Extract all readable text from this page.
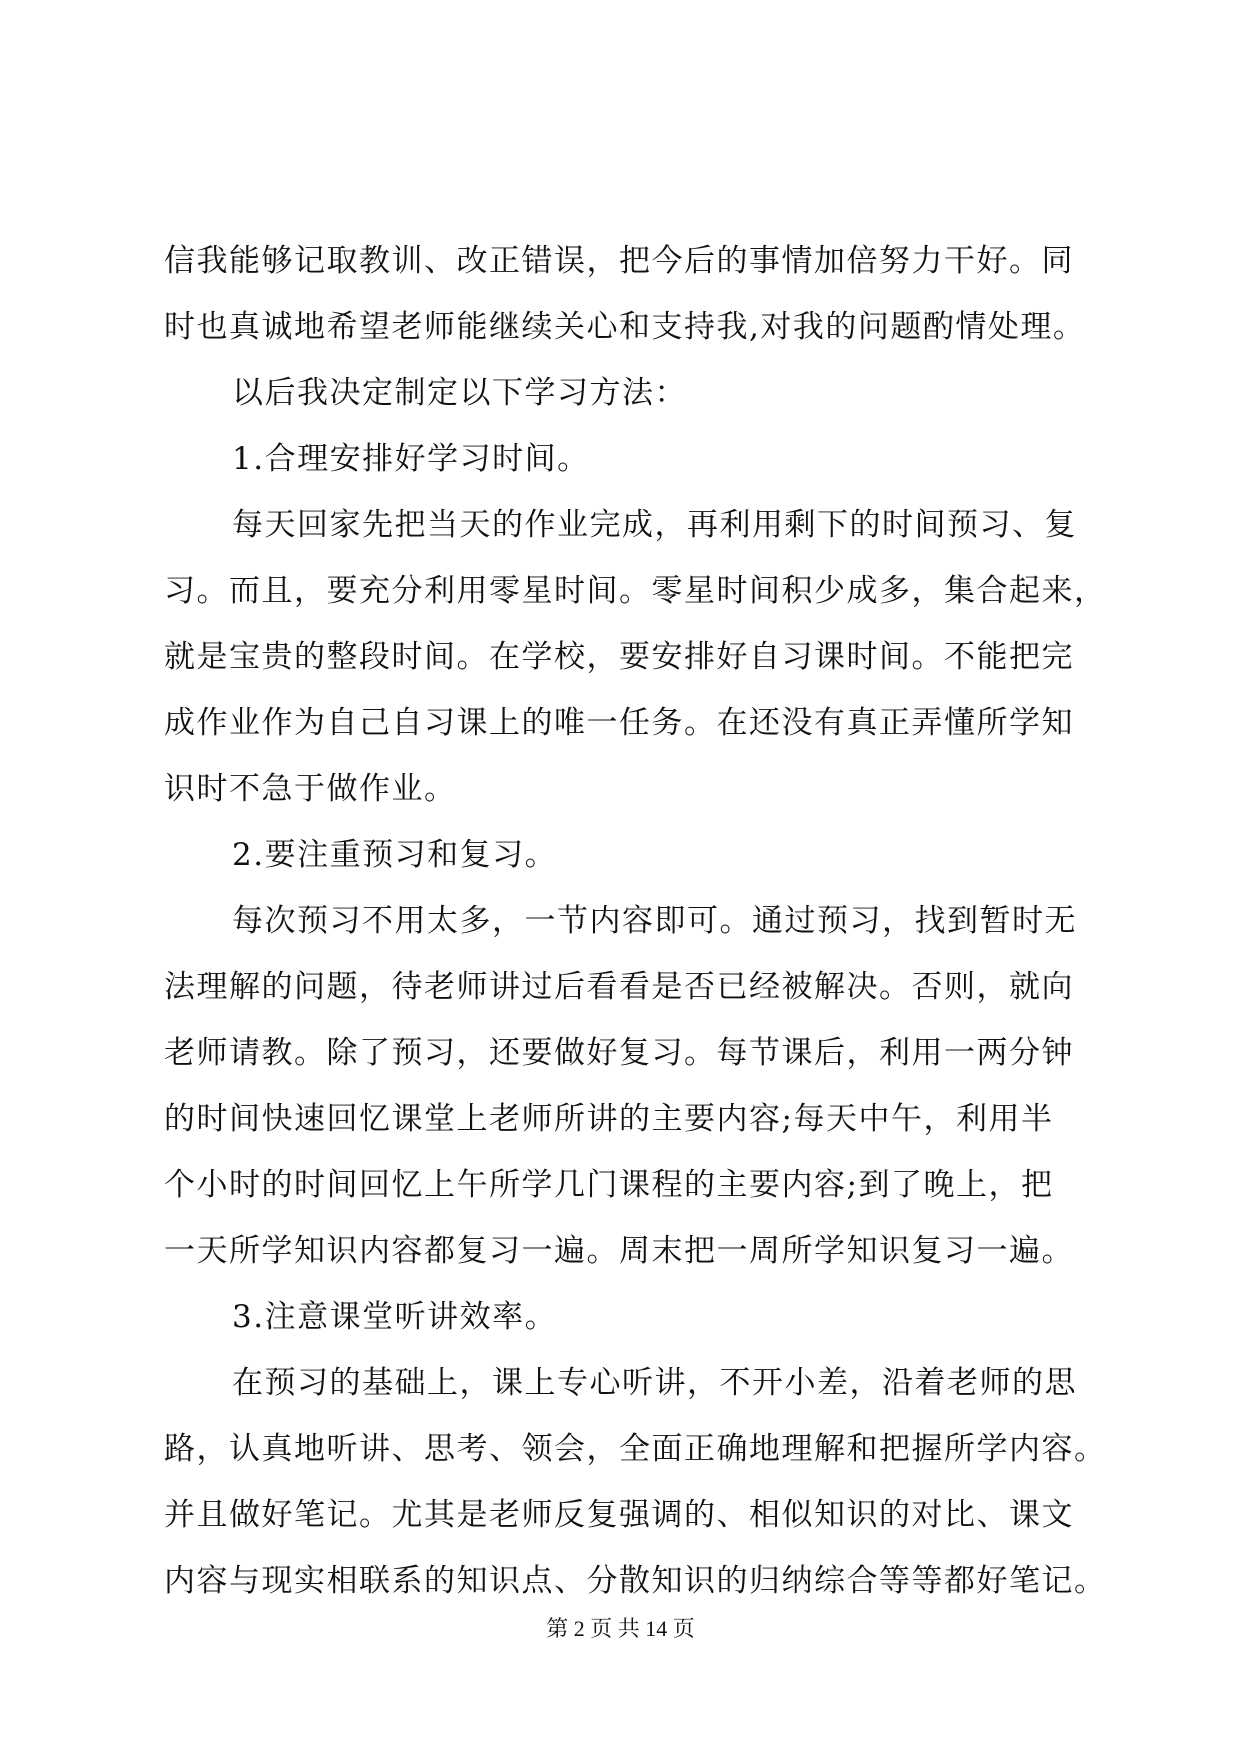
信我能够记取教训、改正错误，把今后的事情加倍努力干好。同
时也真诚地希望老师能继续关心和支持我,对我的问题酌情处理。
以后我决定制定以下学习方法：
1.合理安排好学习时间。
每天回家先把当天的作业完成，再利用剩下的时间预习、复
习。而且，要充分利用零星时间。零星时间积少成多，集合起来，
就是宝贵的整段时间。在学校，要安排好自习课时间。不能把完
成作业作为自己自习课上的唯一任务。在还没有真正弄懂所学知
识时不急于做作业。
2.要注重预习和复习。
每次预习不用太多，一节内容即可。通过预习，找到暂时无
法理解的问题，待老师讲过后看看是否已经被解决。否则，就向
老师请教。除了预习，还要做好复习。每节课后，利用一两分钟
的时间快速回忆课堂上老师所讲的主要内容;每天中午，利用半
个小时的时间回忆上午所学几门课程的主要内容;到了晚上，把
一天所学知识内容都复习一遍。周末把一周所学知识复习一遍。
3.注意课堂听讲效率。
在预习的基础上，课上专心听讲，不开小差，沿着老师的思
路，认真地听讲、思考、领会，全面正确地理解和把握所学内容。
并且做好笔记。尤其是老师反复强调的、相似知识的对比、课文
内容与现实相联系的知识点、分散知识的归纳综合等等都好笔记。
第 2 页 共 14 页
